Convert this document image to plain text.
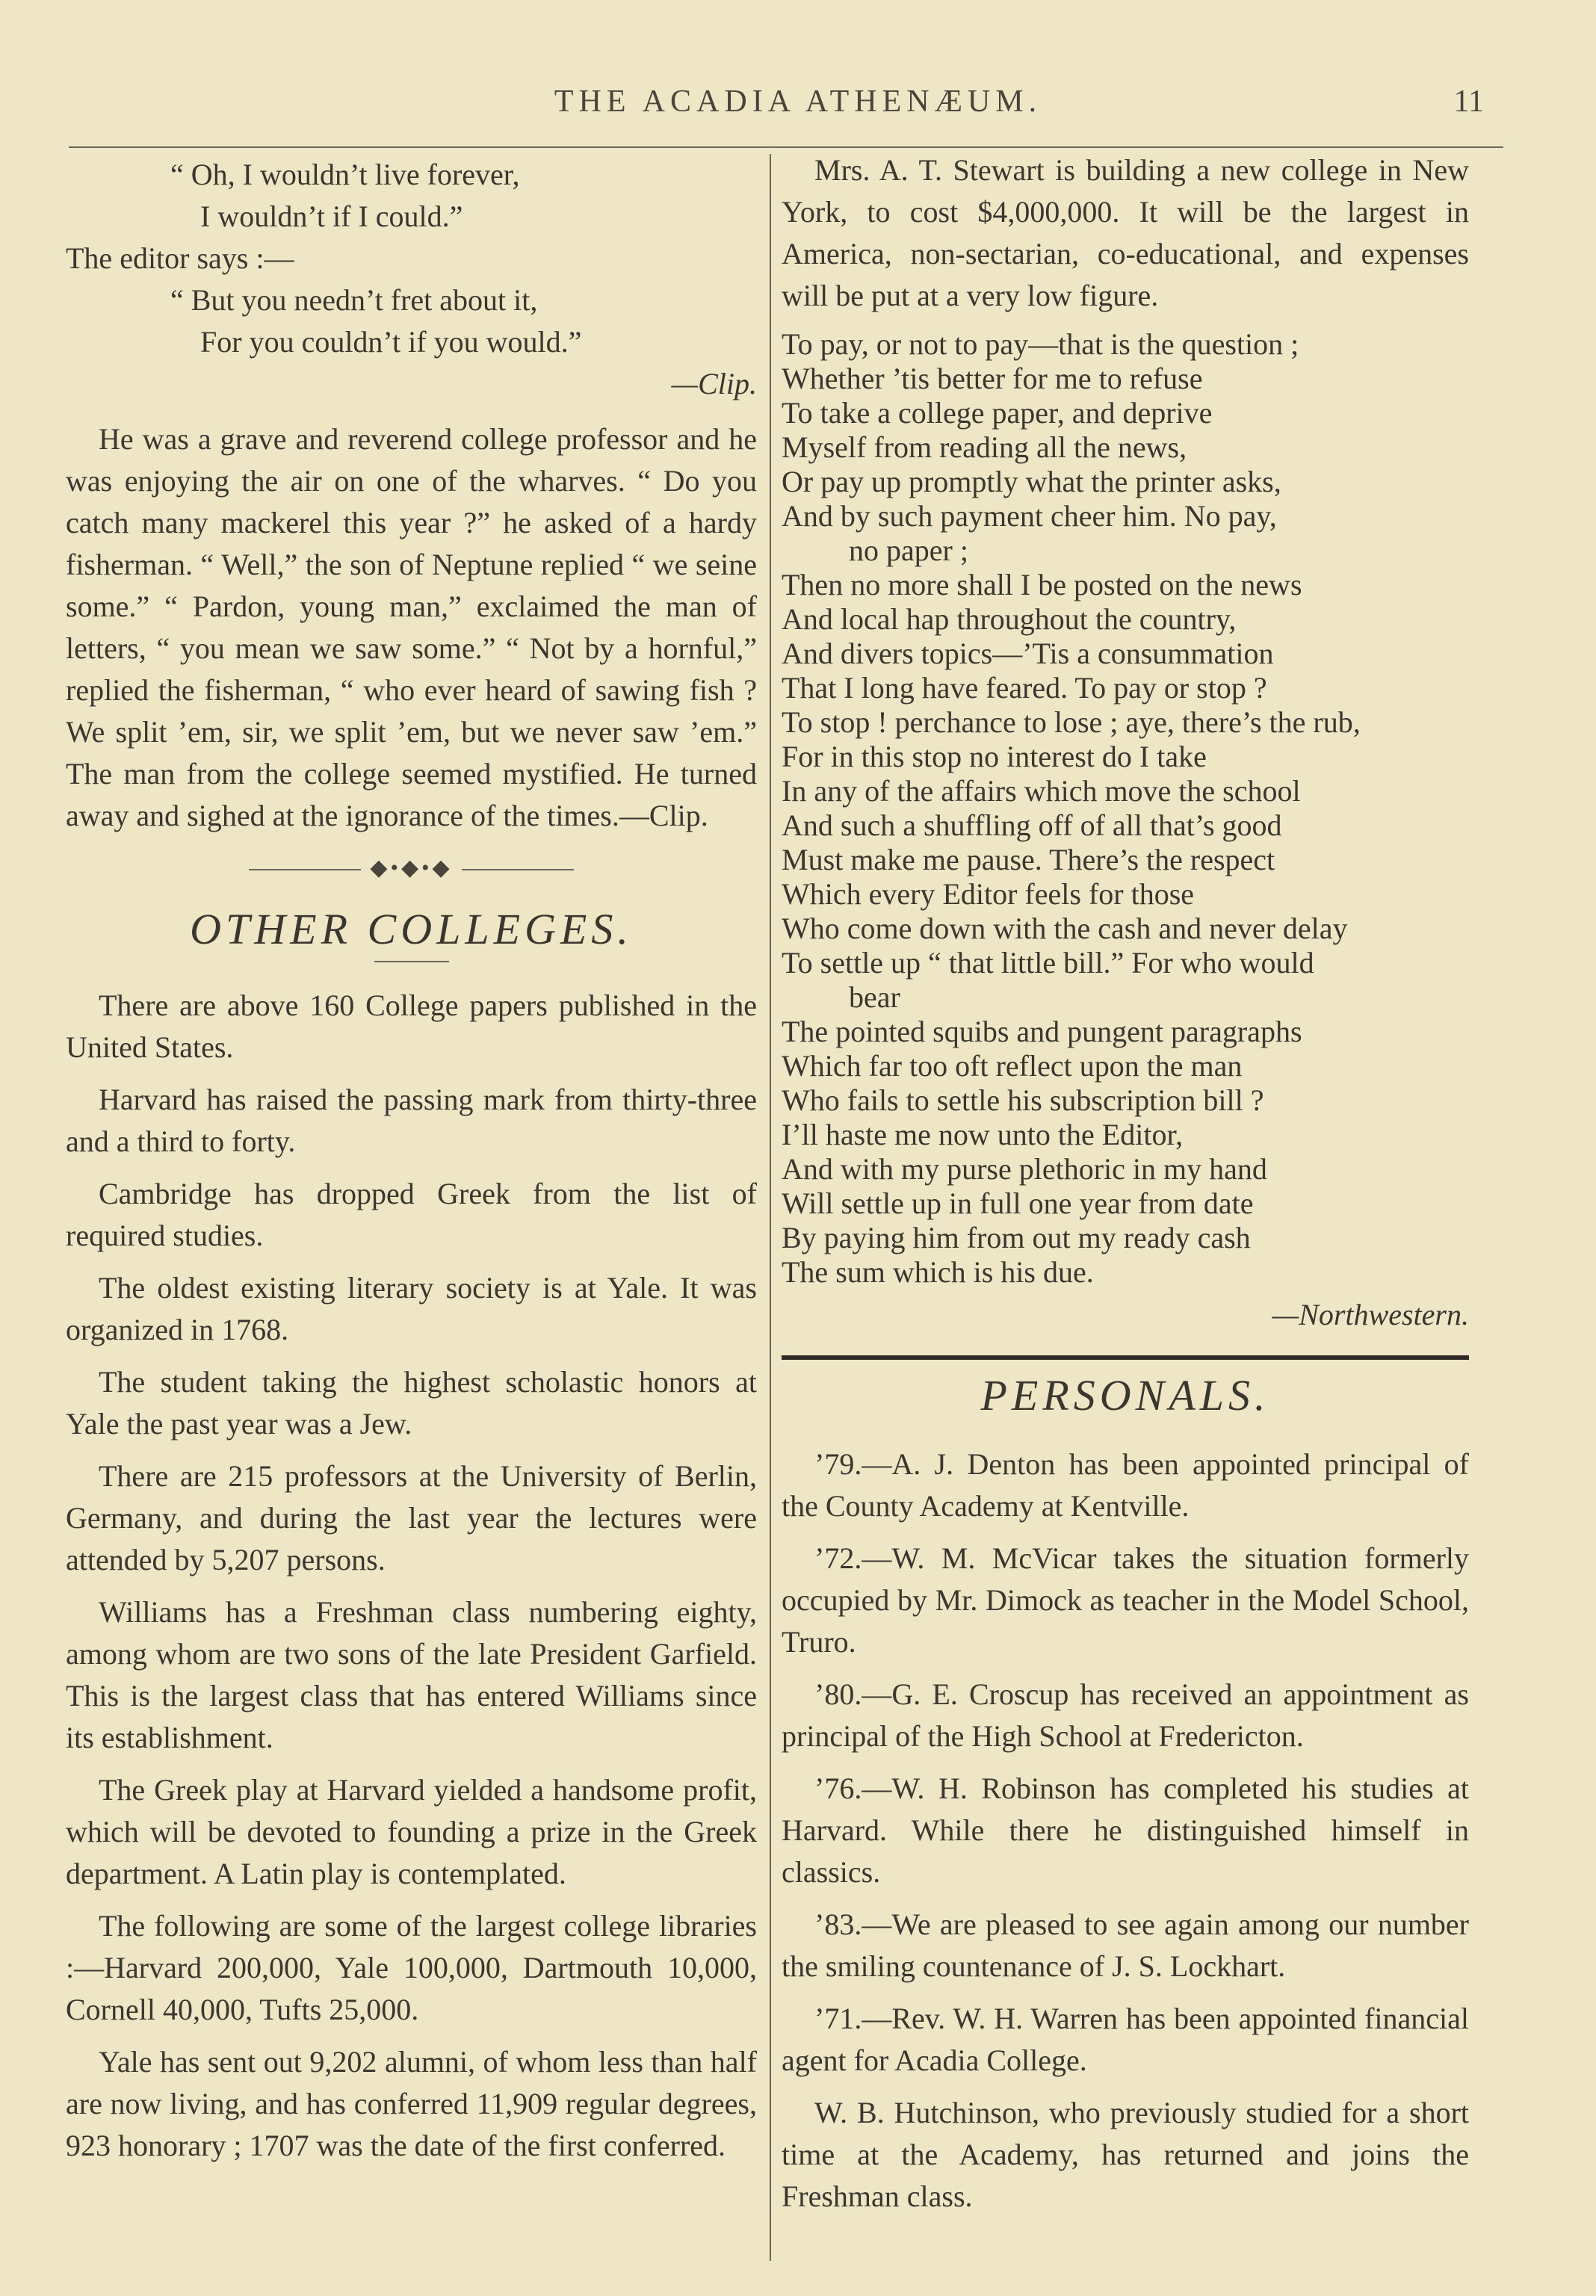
THE ACADIA ATHENÆUM.	11

“ Oh, I wouldn’t live forever,

I wouldn’t if I could.”

The editor says :—

“ But you needn’t fret about it,

For you couldn’t if you would.”

—Clip.

He was a grave and reverend college professor and he was enjoying the air on one of the wharves. “ Do you catch many mackerel this year ?” he asked of a hardy fisherman. “ Well,” the son of Neptune replied “ we seine some.” “ Pardon, young man,” exclaimed the man of letters, “ you mean we saw some.” “ Not by a hornful,” replied the fisherman, “ who ever heard of sawing fish ? We split ’em, sir, we split ’em, but we never saw ’em.” The man from the college seemed mystified. He turned away and sighed at the ignorance of the times.—Clip.

◆•◆•◆
OTHER COLLEGES.

There are above 160 College papers published in the United States.

Harvard has raised the passing mark from thirty-three and a third to forty.

Cambridge has dropped Greek from the list of required studies.

The oldest existing literary society is at Yale. It was organized in 1768.

The student taking the highest scholastic honors at Yale the past year was a Jew.

There are 215 professors at the University of Berlin, Germany, and during the last year the lectures were attended by 5,207 persons.

Williams has a Freshman class numbering eighty, among whom are two sons of the late President Garfield. This is the largest class that has entered Williams since its establishment.

The Greek play at Harvard yielded a handsome profit, which will be devoted to founding a prize in the Greek department. A Latin play is contemplated.

The following are some of the largest college libraries :—Harvard 200,000, Yale 100,000, Dartmouth 10,000, Cornell 40,000, Tufts 25,000.

Yale has sent out 9,202 alumni, of whom less than half are now living, and has conferred 11,909 regular degrees, 923 honorary ; 1707 was the date of the first conferred.

Mrs. A. T. Stewart is building a new college in New York, to cost $4,000,000. It will be the largest in America, non-sectarian, co-educational, and expenses will be put at a very low figure.

To pay, or not to pay—that is the question ;
Whether ’tis better for me to refuse
To take a college paper, and deprive
Myself from reading all the news,
Or pay up promptly what the printer asks,
And by such payment cheer him. No pay,
no paper ;
Then no more shall I be posted on the news
And local hap throughout the country,
And divers topics—’Tis a consummation
That I long have feared. To pay or stop ?
To stop ! perchance to lose ; aye, there’s the rub,
For in this stop no interest do I take
In any of the affairs which move the school
And such a shuffling off of all that’s good
Must make me pause. There’s the respect
Which every Editor feels for those
Who come down with the cash and never delay
To settle up “ that little bill.” For who would
bear
The pointed squibs and pungent paragraphs
Which far too oft reflect upon the man
Who fails to settle his subscription bill ?
I’ll haste me now unto the Editor,
And with my purse plethoric in my hand
Will settle up in full one year from date
By paying him from out my ready cash
The sum which is his due.

—Northwestern.

PERSONALS.

’79.—A. J. Denton has been appointed principal of the County Academy at Kentville.

’72.—W. M. McVicar takes the situation formerly occupied by Mr. Dimock as teacher in the Model School, Truro.

’80.—G. E. Croscup has received an appointment as principal of the High School at Fredericton.

’76.—W. H. Robinson has completed his studies at Harvard. While there he distinguished himself in classics.

’83.—We are pleased to see again among our number the smiling countenance of J. S. Lockhart.

’71.—Rev. W. H. Warren has been appointed financial agent for Acadia College.

W. B. Hutchinson, who previously studied for a short time at the Academy, has returned and joins the Freshman class.
